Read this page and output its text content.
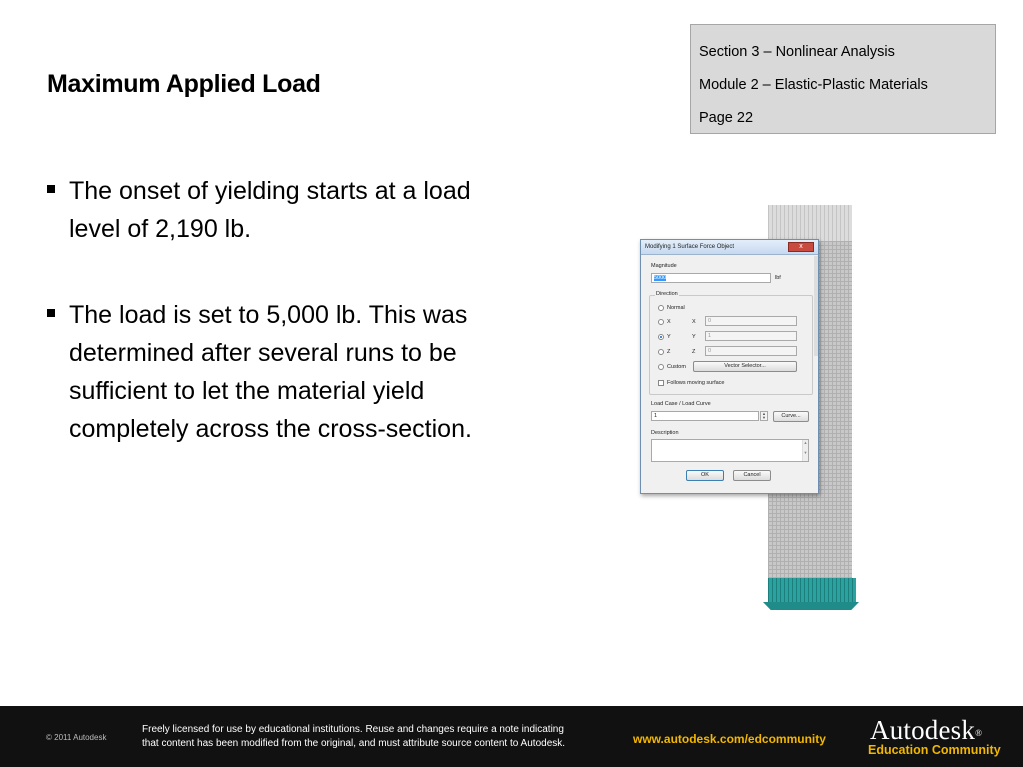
Maximum Applied Load
Section 3 – Nonlinear Analysis
Module 2 – Elastic-Plastic Materials
Page 22
The onset of yielding starts at a load level of 2,190 lb.
The load is set to 5,000 lb. This was determined after several runs to be sufficient to let the material yield completely across the cross-section.
Modifying 1 Surface Force Object	x
Magnitude
5000	lbf
Direction
Normal
X	X	0
Y	Y	1
Z	Z	0
Custom	Vector Selector...
Follows moving surface
Load Case / Load Curve
1	▲
▼	Curve...
Description
▲

▼
OK	Cancel
© 2011 Autodesk
Freely licensed for use by educational institutions. Reuse and changes require a note indicating
that content has been modified from the original, and must attribute source content to Autodesk.	www.autodesk.com/edcommunity Autodesk®
Education Community
